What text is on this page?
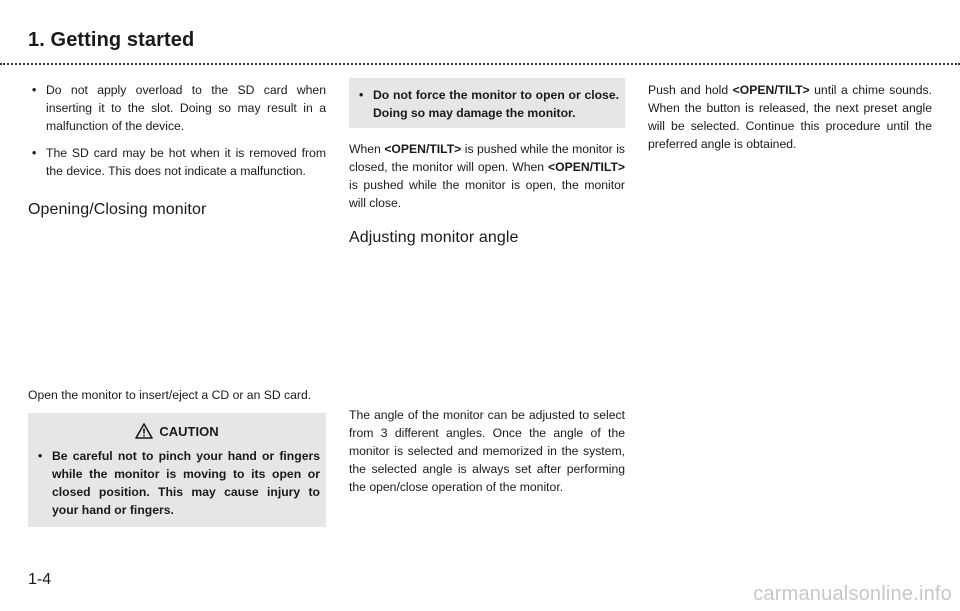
1. Getting started
• Do not apply overload to the SD card when inserting it to the slot. Doing so may result in a malfunction of the device.
• The SD card may be hot when it is removed from the device. This does not indicate a malfunction.
Opening/Closing monitor
Open the monitor to insert/eject a CD or an SD card.
CAUTION
• Be careful not to pinch your hand or fingers while the monitor is moving to its open or closed position. This may cause injury to your hand or fingers.
• Do not force the monitor to open or close. Doing so may damage the monitor.
When <OPEN/TILT> is pushed while the monitor is closed, the monitor will open. When <OPEN/TILT> is pushed while the monitor is open, the monitor will close.
Adjusting monitor angle
The angle of the monitor can be adjusted to select from 3 different angles. Once the angle of the monitor is selected and memorized in the system, the selected angle is always set after performing the open/close operation of the monitor.
Push and hold <OPEN/TILT> until a chime sounds. When the button is released, the next preset angle will be selected. Continue this procedure until the preferred angle is obtained.
1-4
carmanualsonline.info
